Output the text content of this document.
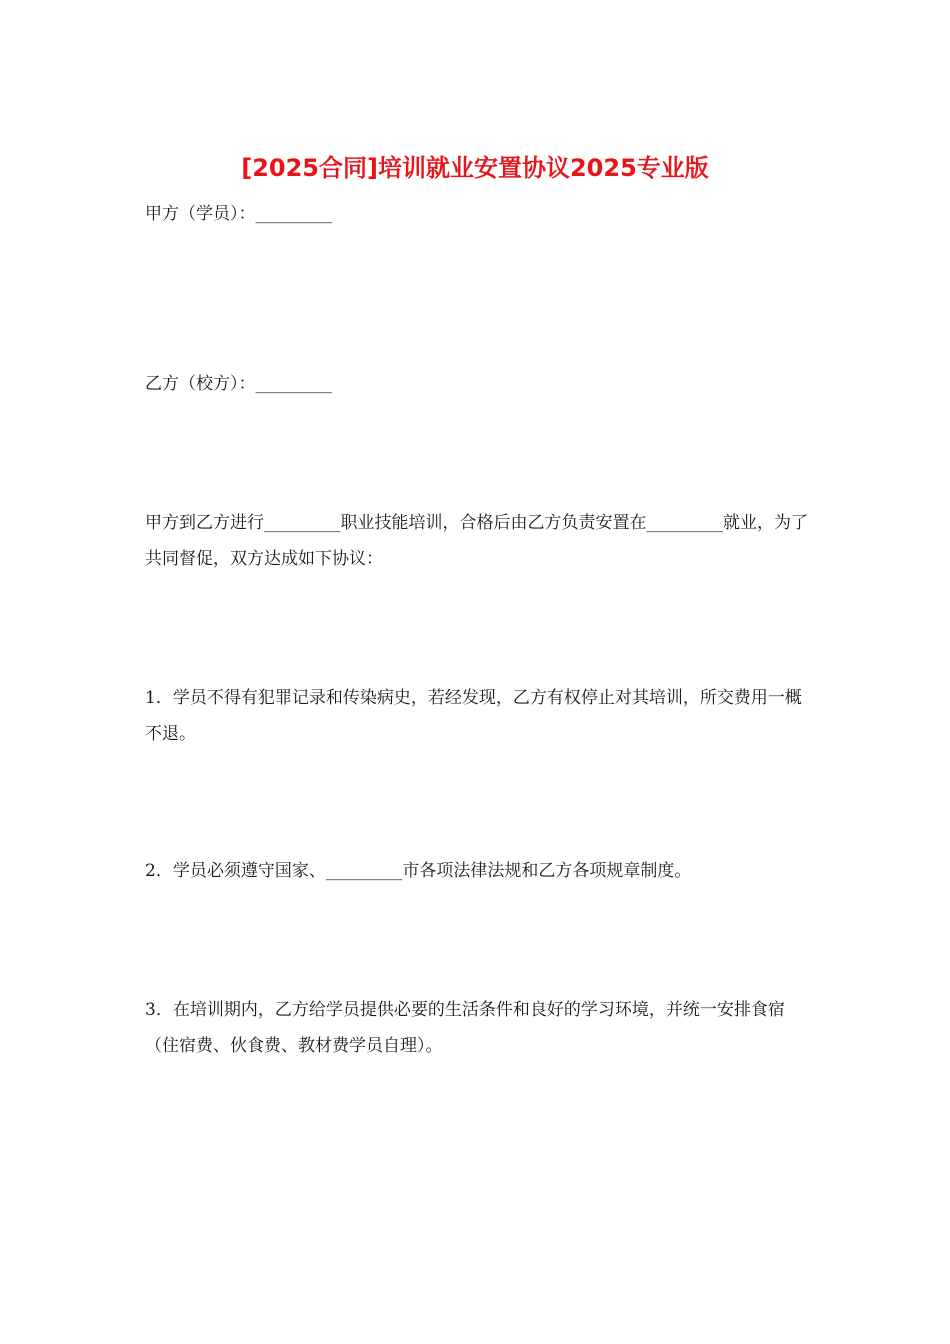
[2025合同]培训就业安置协议2025专业版

甲方（学员）：_________

乙方（校方）：_________

甲方到乙方进行_________职业技能培训，合格后由乙方负责安置在_________就业，为了共同督促，双方达成如下协议：

1．学员不得有犯罪记录和传染病史，若经发现，乙方有权停止对其培训，所交费用一概不退。

2．学员必须遵守国家、_________市各项法律法规和乙方各项规章制度。

3．在培训期内，乙方给学员提供必要的生活条件和良好的学习环境，并统一安排食宿（住宿费、伙食费、教材费学员自理）。
